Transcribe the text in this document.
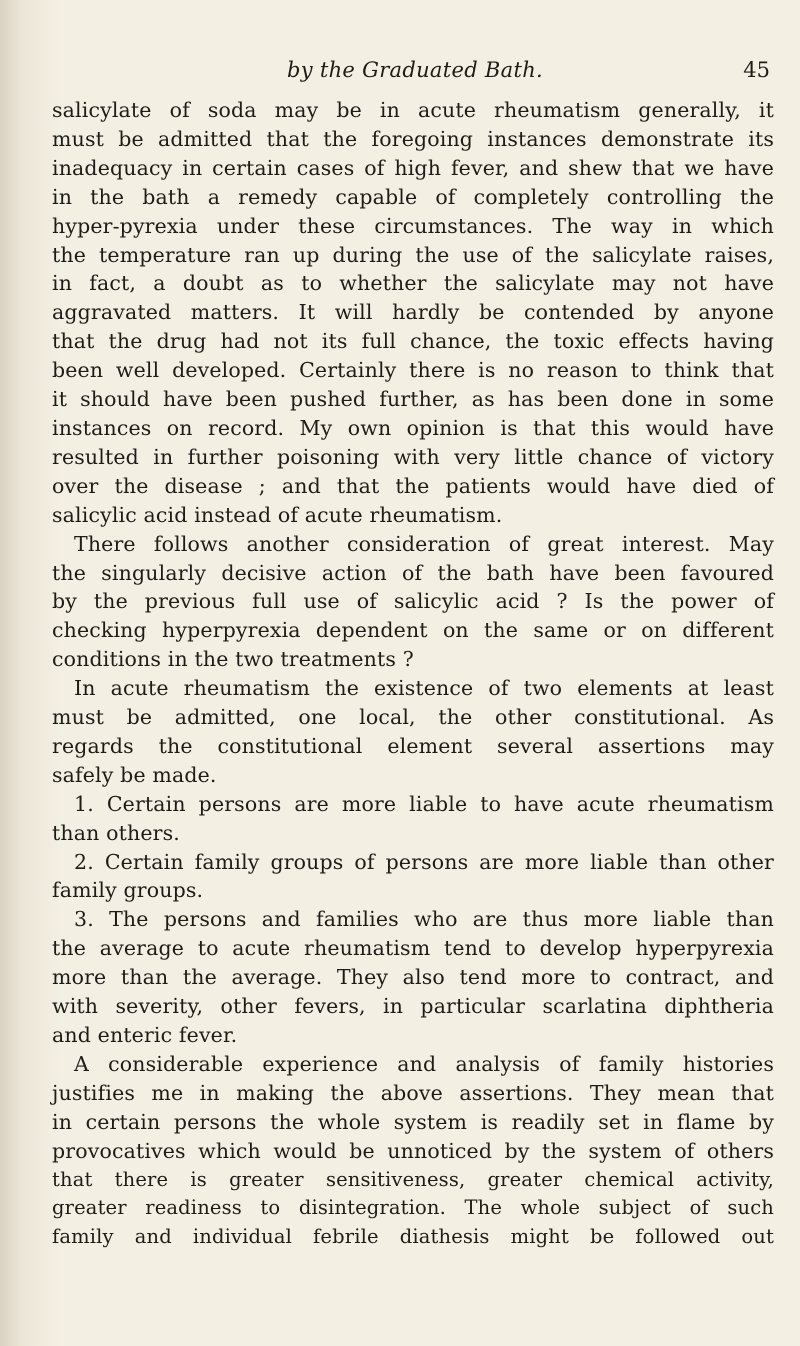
by the Graduated Bath.	45
salicylate of soda may be in acute rheumatism generally, it
must be admitted that the foregoing instances demonstrate its
inadequacy in certain cases of high fever, and shew that we have
in the bath a remedy capable of completely controlling the
hyper-pyrexia under these circumstances. The way in which
the temperature ran up during the use of the salicylate raises,
in fact, a doubt as to whether the salicylate may not have
aggravated matters. It will hardly be contended by anyone
that the drug had not its full chance, the toxic effects having
been well developed. Certainly there is no reason to think that
it should have been pushed further, as has been done in some
instances on record. My own opinion is that this would have
resulted in further poisoning with very little chance of victory
over the disease ; and that the patients would have died of
salicylic acid instead of acute rheumatism.
There follows another consideration of great interest. May
the singularly decisive action of the bath have been favoured
by the previous full use of salicylic acid ? Is the power of
checking hyperpyrexia dependent on the same or on different
conditions in the two treatments ?
In acute rheumatism the existence of two elements at least
must be admitted, one local, the other constitutional. As
regards the constitutional element several assertions may
safely be made.
1. Certain persons are more liable to have acute rheumatism
than others.
2. Certain family groups of persons are more liable than other
family groups.
3. The persons and families who are thus more liable than
the average to acute rheumatism tend to develop hyperpyrexia
more than the average. They also tend more to contract, and
with severity, other fevers, in particular scarlatina diphtheria
and enteric fever.
A considerable experience and analysis of family histories
justifies me in making the above assertions. They mean that
in certain persons the whole system is readily set in flame by
provocatives which would be unnoticed by the system of others
that there is greater sensitiveness, greater chemical activity,
greater readiness to disintegration. The whole subject of such
family and individual febrile diathesis might be followed out
